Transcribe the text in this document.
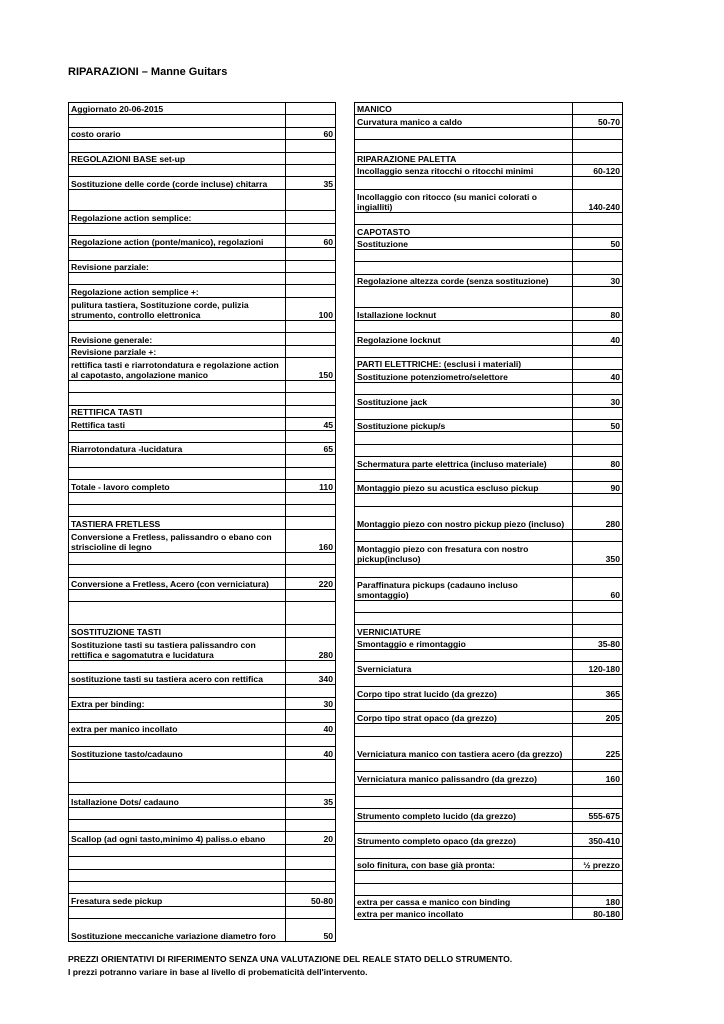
RIPARAZIONI – Manne Guitars
Aggiornato 20-06-2015	

costo orario	60

REGOLAZIONI BASE set-up	

Sostituzione delle corde (corde incluse) chitarra	35

Regolazione action semplice:	

Regolazione action (ponte/manico), regolazioni	60

Revisione parziale:	

Regolazione action semplice +:	
pulitura tastiera, Sostituzione corde, pulizia strumento, controllo elettronica	100

Revisione generale:	
Revisione parziale +:	
rettifica tasti e riarrotondatura e regolazione action al capotasto, angolazione manico	150

RETTIFICA TASTI	
Rettifica tasti	45

Riarrotondatura -lucidatura	65

Totale - lavoro completo	110

TASTIERA FRETLESS	
Conversione a Fretless, palissandro o ebano con striscioline di legno	160

Conversione a Fretless, Acero (con verniciatura)	220

SOSTITUZIONE TASTI	
Sostituzione tasti su tastiera palissandro con rettifica e sagomatutra e lucidatura	280

sostituzione tasti su tastiera acero con rettifica	340

Extra per binding:	30

extra per manico incollato	40

Sostituzione tasto/cadauno	40

Istallazione Dots/ cadauno	35

Scallop (ad ogni tasto,minimo 4) paliss.o ebano	20

Fresatura sede pickup	50-80

Sostituzione meccaniche variazione diametro foro	50
MANICO	
Curvatura manico a caldo	50-70

RIPARAZIONE PALETTA	
Incollaggio senza ritocchi o ritocchi minimi	60-120

Incollaggio con ritocco (su manici colorati o ingialliti)	140-240

CAPOTASTO	
Sostituzione	50

Regolazione altezza corde (senza sostituzione)	30

Istallazione locknut	80

Regolazione locknut	40

PARTI ELETTRICHE: (esclusi i materiali)	
Sostituzione potenziometro/selettore	40

Sostituzione jack	30

Sostituzione pickup/s	50

Schermatura parte elettrica (incluso materiale)	80

Montaggio piezo su acustica escluso pickup	90

Montaggio piezo con nostro pickup piezo (incluso)	280

Montaggio piezo con fresatura con nostro pickup(incluso)	350

Paraffinatura pickups (cadauno incluso smontaggio)	60

VERNICIATURE	
Smontaggio e rimontaggio	35-80

Sverniciatura	120-180

Corpo tipo strat lucido (da grezzo)	365

Corpo tipo strat opaco (da grezzo)	205

Verniciatura manico con tastiera acero (da grezzo)	225

Verniciatura manico palissandro (da grezzo)	160

Strumento completo lucido (da grezzo)	555-675

Strumento completo opaco (da grezzo)	350-410

solo finitura, con base già pronta:	½ prezzo

extra per cassa e manico con binding	180
extra per manico incollato	80-180
PREZZI ORIENTATIVI DI RIFERIMENTO SENZA UNA VALUTAZIONE DEL REALE STATO DELLO STRUMENTO.
I prezzi potranno variare in base al livello di probematicità dell'intervento.
